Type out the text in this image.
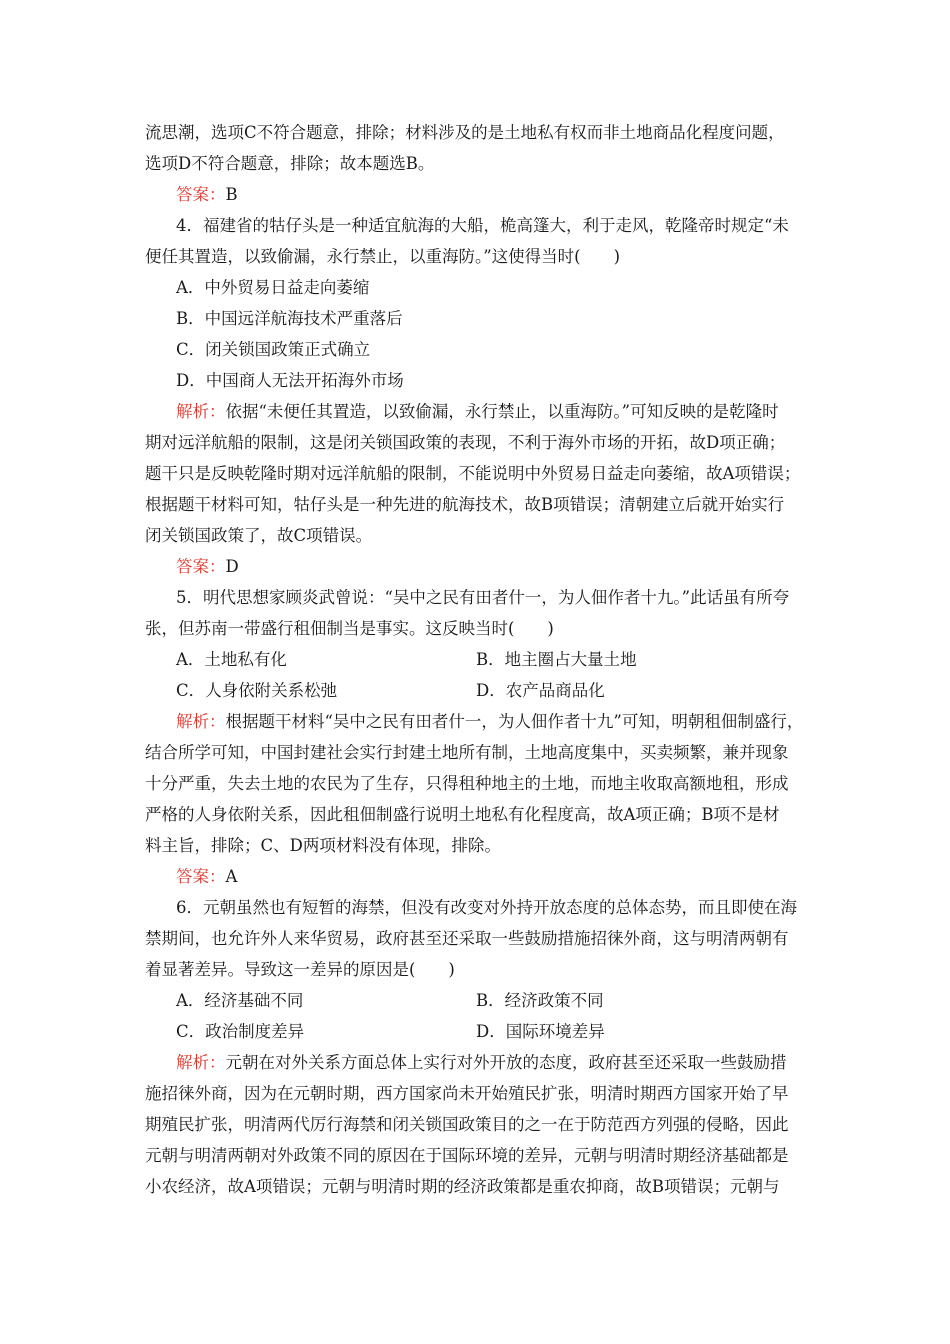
流思潮，选项C不符合题意，排除；材料涉及的是土地私有权而非土地商品化程度问题，
选项D不符合题意，排除；故本题选B。
答案：B
4．福建省的牯仔头是一种适宜航海的大船，桅高篷大，利于走风，乾隆帝时规定“未
便任其置造，以致偷漏，永行禁止，以重海防。”这使得当时(　　)
A．中外贸易日益走向萎缩
B．中国远洋航海技术严重落后
C．闭关锁国政策正式确立
D．中国商人无法开拓海外市场
解析：依据“未便任其置造，以致偷漏，永行禁止，以重海防。”可知反映的是乾隆时
期对远洋航船的限制，这是闭关锁国政策的表现，不利于海外市场的开拓，故D项正确；
题干只是反映乾隆时期对远洋航船的限制，不能说明中外贸易日益走向萎缩，故A项错误；
根据题干材料可知，牯仔头是一种先进的航海技术，故B项错误；清朝建立后就开始实行
闭关锁国政策了，故C项错误。
答案：D
5．明代思想家顾炎武曾说：“吴中之民有田者什一，为人佃作者十九。”此话虽有所夸
张，但苏南一带盛行租佃制当是事实。这反映当时(　　)
A．土地私有化	B．地主圈占大量土地
C．人身依附关系松弛	D．农产品商品化
解析：根据题干材料“吴中之民有田者什一，为人佃作者十九”可知，明朝租佃制盛行，
结合所学可知，中国封建社会实行封建土地所有制，土地高度集中，买卖频繁，兼并现象
十分严重，失去土地的农民为了生存，只得租种地主的土地，而地主收取高额地租，形成
严格的人身依附关系，因此租佃制盛行说明土地私有化程度高，故A项正确；B项不是材
料主旨，排除；C、D两项材料没有体现，排除。
答案：A
6．元朝虽然也有短暂的海禁，但没有改变对外持开放态度的总体态势，而且即使在海
禁期间，也允许外人来华贸易，政府甚至还采取一些鼓励措施招徕外商，这与明清两朝有
着显著差异。导致这一差异的原因是(　　)
A．经济基础不同	B．经济政策不同
C．政治制度差异	D．国际环境差异
解析：元朝在对外关系方面总体上实行对外开放的态度，政府甚至还采取一些鼓励措
施招徕外商，因为在元朝时期，西方国家尚未开始殖民扩张，明清时期西方国家开始了早
期殖民扩张，明清两代厉行海禁和闭关锁国政策目的之一在于防范西方列强的侵略，因此
元朝与明清两朝对外政策不同的原因在于国际环境的差异，元朝与明清时期经济基础都是
小农经济，故A项错误；元朝与明清时期的经济政策都是重农抑商，故B项错误；元朝与
